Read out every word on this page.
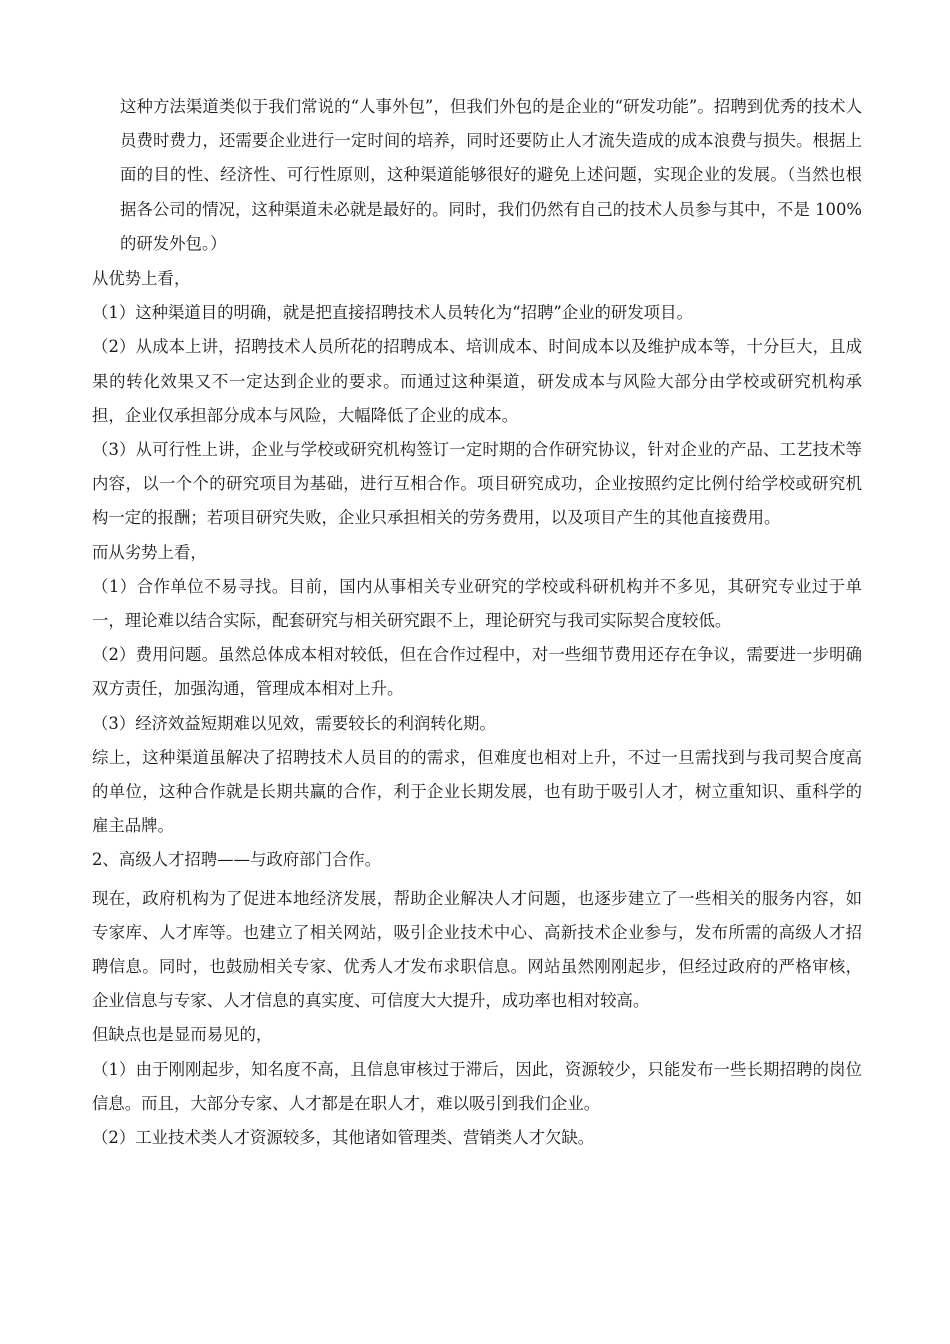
这种方法渠道类似于我们常说的“人事外包”，但我们外包的是企业的“研发功能”。招聘到优秀的技术人员费时费力，还需要企业进行一定时间的培养，同时还要防止人才流失造成的成本浪费与损失。根据上面的目的性、经济性、可行性原则，这种渠道能够很好的避免上述问题，实现企业的发展。（当然也根据各公司的情况，这种渠道未必就是最好的。同时，我们仍然有自己的技术人员参与其中，不是 100%的研发外包。）

从优势上看，

（1）这种渠道目的明确，就是把直接招聘技术人员转化为“招聘”企业的研发项目。

（2）从成本上讲，招聘技术人员所花的招聘成本、培训成本、时间成本以及维护成本等，十分巨大，且成果的转化效果又不一定达到企业的要求。而通过这种渠道，研发成本与风险大部分由学校或研究机构承担，企业仅承担部分成本与风险，大幅降低了企业的成本。

（3）从可行性上讲，企业与学校或研究机构签订一定时期的合作研究协议，针对企业的产品、工艺技术等内容，以一个个的研究项目为基础，进行互相合作。项目研究成功，企业按照约定比例付给学校或研究机构一定的报酬；若项目研究失败，企业只承担相关的劳务费用，以及项目产生的其他直接费用。

而从劣势上看，

（1）合作单位不易寻找。目前，国内从事相关专业研究的学校或科研机构并不多见，其研究专业过于单一，理论难以结合实际，配套研究与相关研究跟不上，理论研究与我司实际契合度较低。

（2）费用问题。虽然总体成本相对较低，但在合作过程中，对一些细节费用还存在争议，需要进一步明确双方责任，加强沟通，管理成本相对上升。

（3）经济效益短期难以见效，需要较长的利润转化期。

综上，这种渠道虽解决了招聘技术人员目的的需求，但难度也相对上升，不过一旦需找到与我司契合度高的单位，这种合作就是长期共赢的合作，利于企业长期发展，也有助于吸引人才，树立重知识、重科学的雇主品牌。

2、高级人才招聘——与政府部门合作。

现在，政府机构为了促进本地经济发展，帮助企业解决人才问题，也逐步建立了一些相关的服务内容，如专家库、人才库等。也建立了相关网站，吸引企业技术中心、高新技术企业参与，发布所需的高级人才招聘信息。同时，也鼓励相关专家、优秀人才发布求职信息。网站虽然刚刚起步，但经过政府的严格审核，企业信息与专家、人才信息的真实度、可信度大大提升，成功率也相对较高。

但缺点也是显而易见的，

（1）由于刚刚起步，知名度不高，且信息审核过于滞后，因此，资源较少，只能发布一些长期招聘的岗位信息。而且，大部分专家、人才都是在职人才，难以吸引到我们企业。

（2）工业技术类人才资源较多，其他诸如管理类、营销类人才欠缺。
